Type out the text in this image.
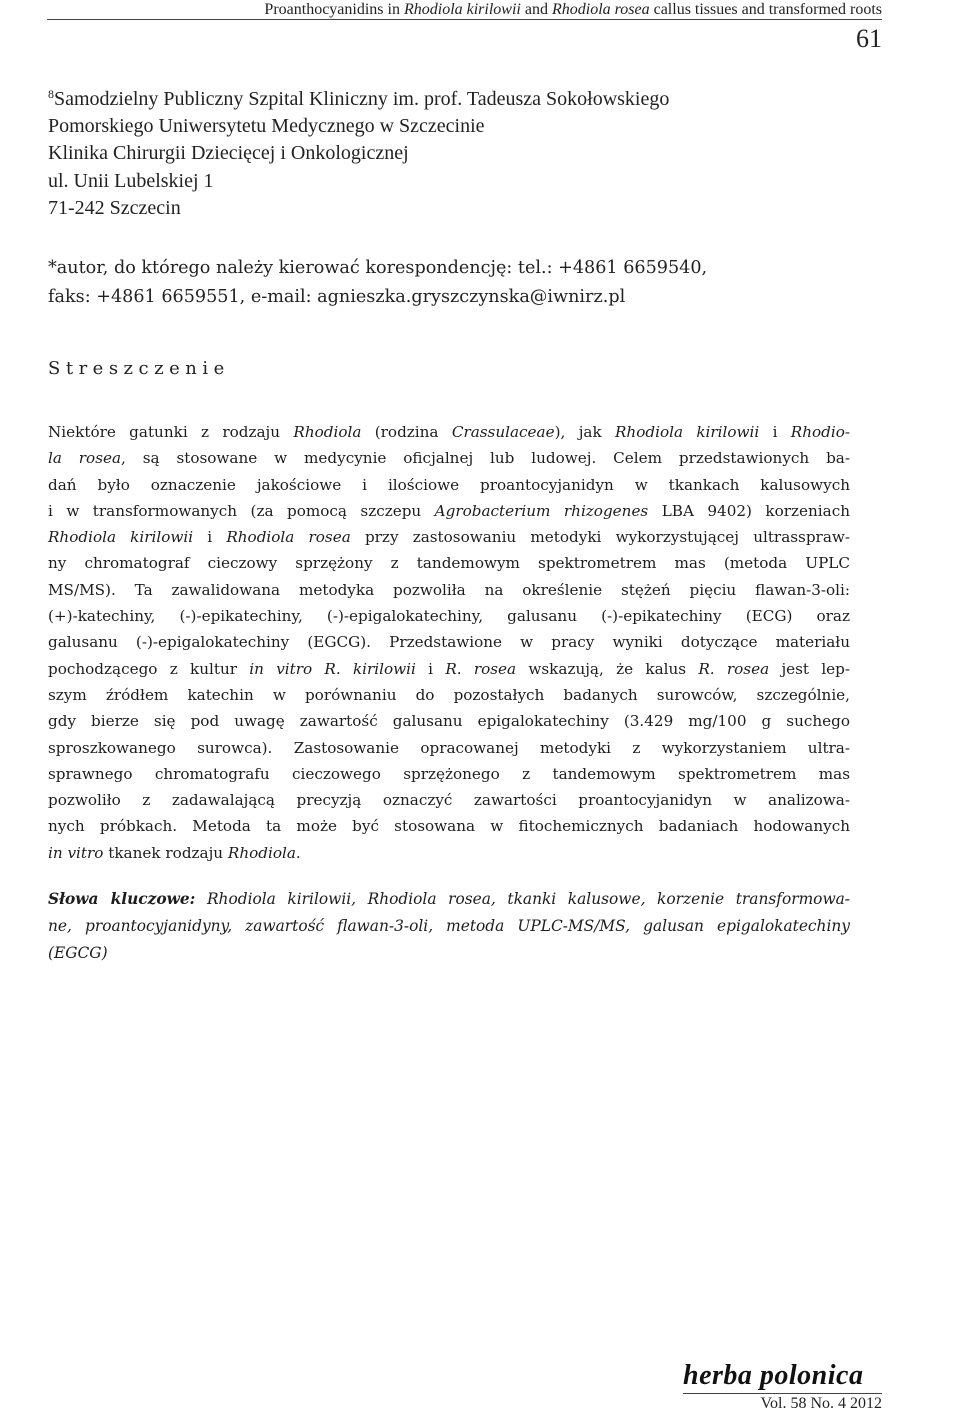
Proanthocyanidins in Rhodiola kirilowii and Rhodiola rosea callus tissues and transformed roots
61
$^8$Samodzielny Publiczny Szpital Kliniczny im. prof. Tadeusza Sokołowskiego
Pomorskiego Uniwersytetu Medycznego w Szczecinie
Klinika Chirurgii Dziecięcej i Onkologicznej
ul. Unii Lubelskiej 1
71-242 Szczecin
*autor, do którego należy kierować korespondencję: tel.: +4861 6659540,
faks: +4861 6659551, e-mail: agnieszka.gryszczynska@iwnirz.pl
Streszczenie
Niektóre gatunki z rodzaju Rhodiola (rodzina Crassulaceae), jak Rhodiola kirilowii i Rhodio-
la rosea, są stosowane w medycynie oficjalnej lub ludowej. Celem przedstawionych ba-
dań było oznaczenie jakościowe i ilościowe proantocyjanidyn w tkankach kalusowych
i w transformowanych (za pomocą szczepu Agrobacterium rhizogenes LBA 9402) korzeniach
Rhodiola kirilowii i Rhodiola rosea przy zastosowaniu metodyki wykorzystującej ultrasspraw-
ny chromatograf cieczowy sprzężony z tandemowym spektrometrem mas (metoda UPLC
MS/MS). Ta zawalidowana metodyka pozwoliła na określenie stężeń pięciu flawan-3-oli:
(+)-katechiny, (-)-epikatechiny, (-)-epigalokatechiny, galusanu (-)-epikatechiny (ECG) oraz
galusanu (-)-epigalokatechiny (EGCG). Przedstawione w pracy wyniki dotyczące materiału
pochodzącego z kultur in vitro R. kirilowii i R. rosea wskazują, że kalus R. rosea jest lep-
szym źródłem katechin w porównaniu do pozostałych badanych surowców, szczególnie,
gdy bierze się pod uwagę zawartość galusanu epigalokatechiny (3.429 mg/100 g suchego
sproszkowanego surowca). Zastosowanie opracowanej metodyki z wykorzystaniem ultra-
sprawnego chromatografu cieczowego sprzężonego z tandemowym spektrometrem mas
pozwoliło z zadawalającą precyzją oznaczyć zawartości proantocyjanidyn w analizowa-
nych próbkach. Metoda ta może być stosowana w fitochemicznych badaniach hodowanych
in vitro tkanek rodzaju Rhodiola.
Słowa kluczowe: Rhodiola kirilowii, Rhodiola rosea, tkanki kalusowe, korzenie transformowa-
ne, proantocyjanidyny, zawartość flawan-3-oli, metoda UPLC-MS/MS, galusan epigalokatechiny
(EGCG)
herba polonica
Vol. 58 No. 4 2012
